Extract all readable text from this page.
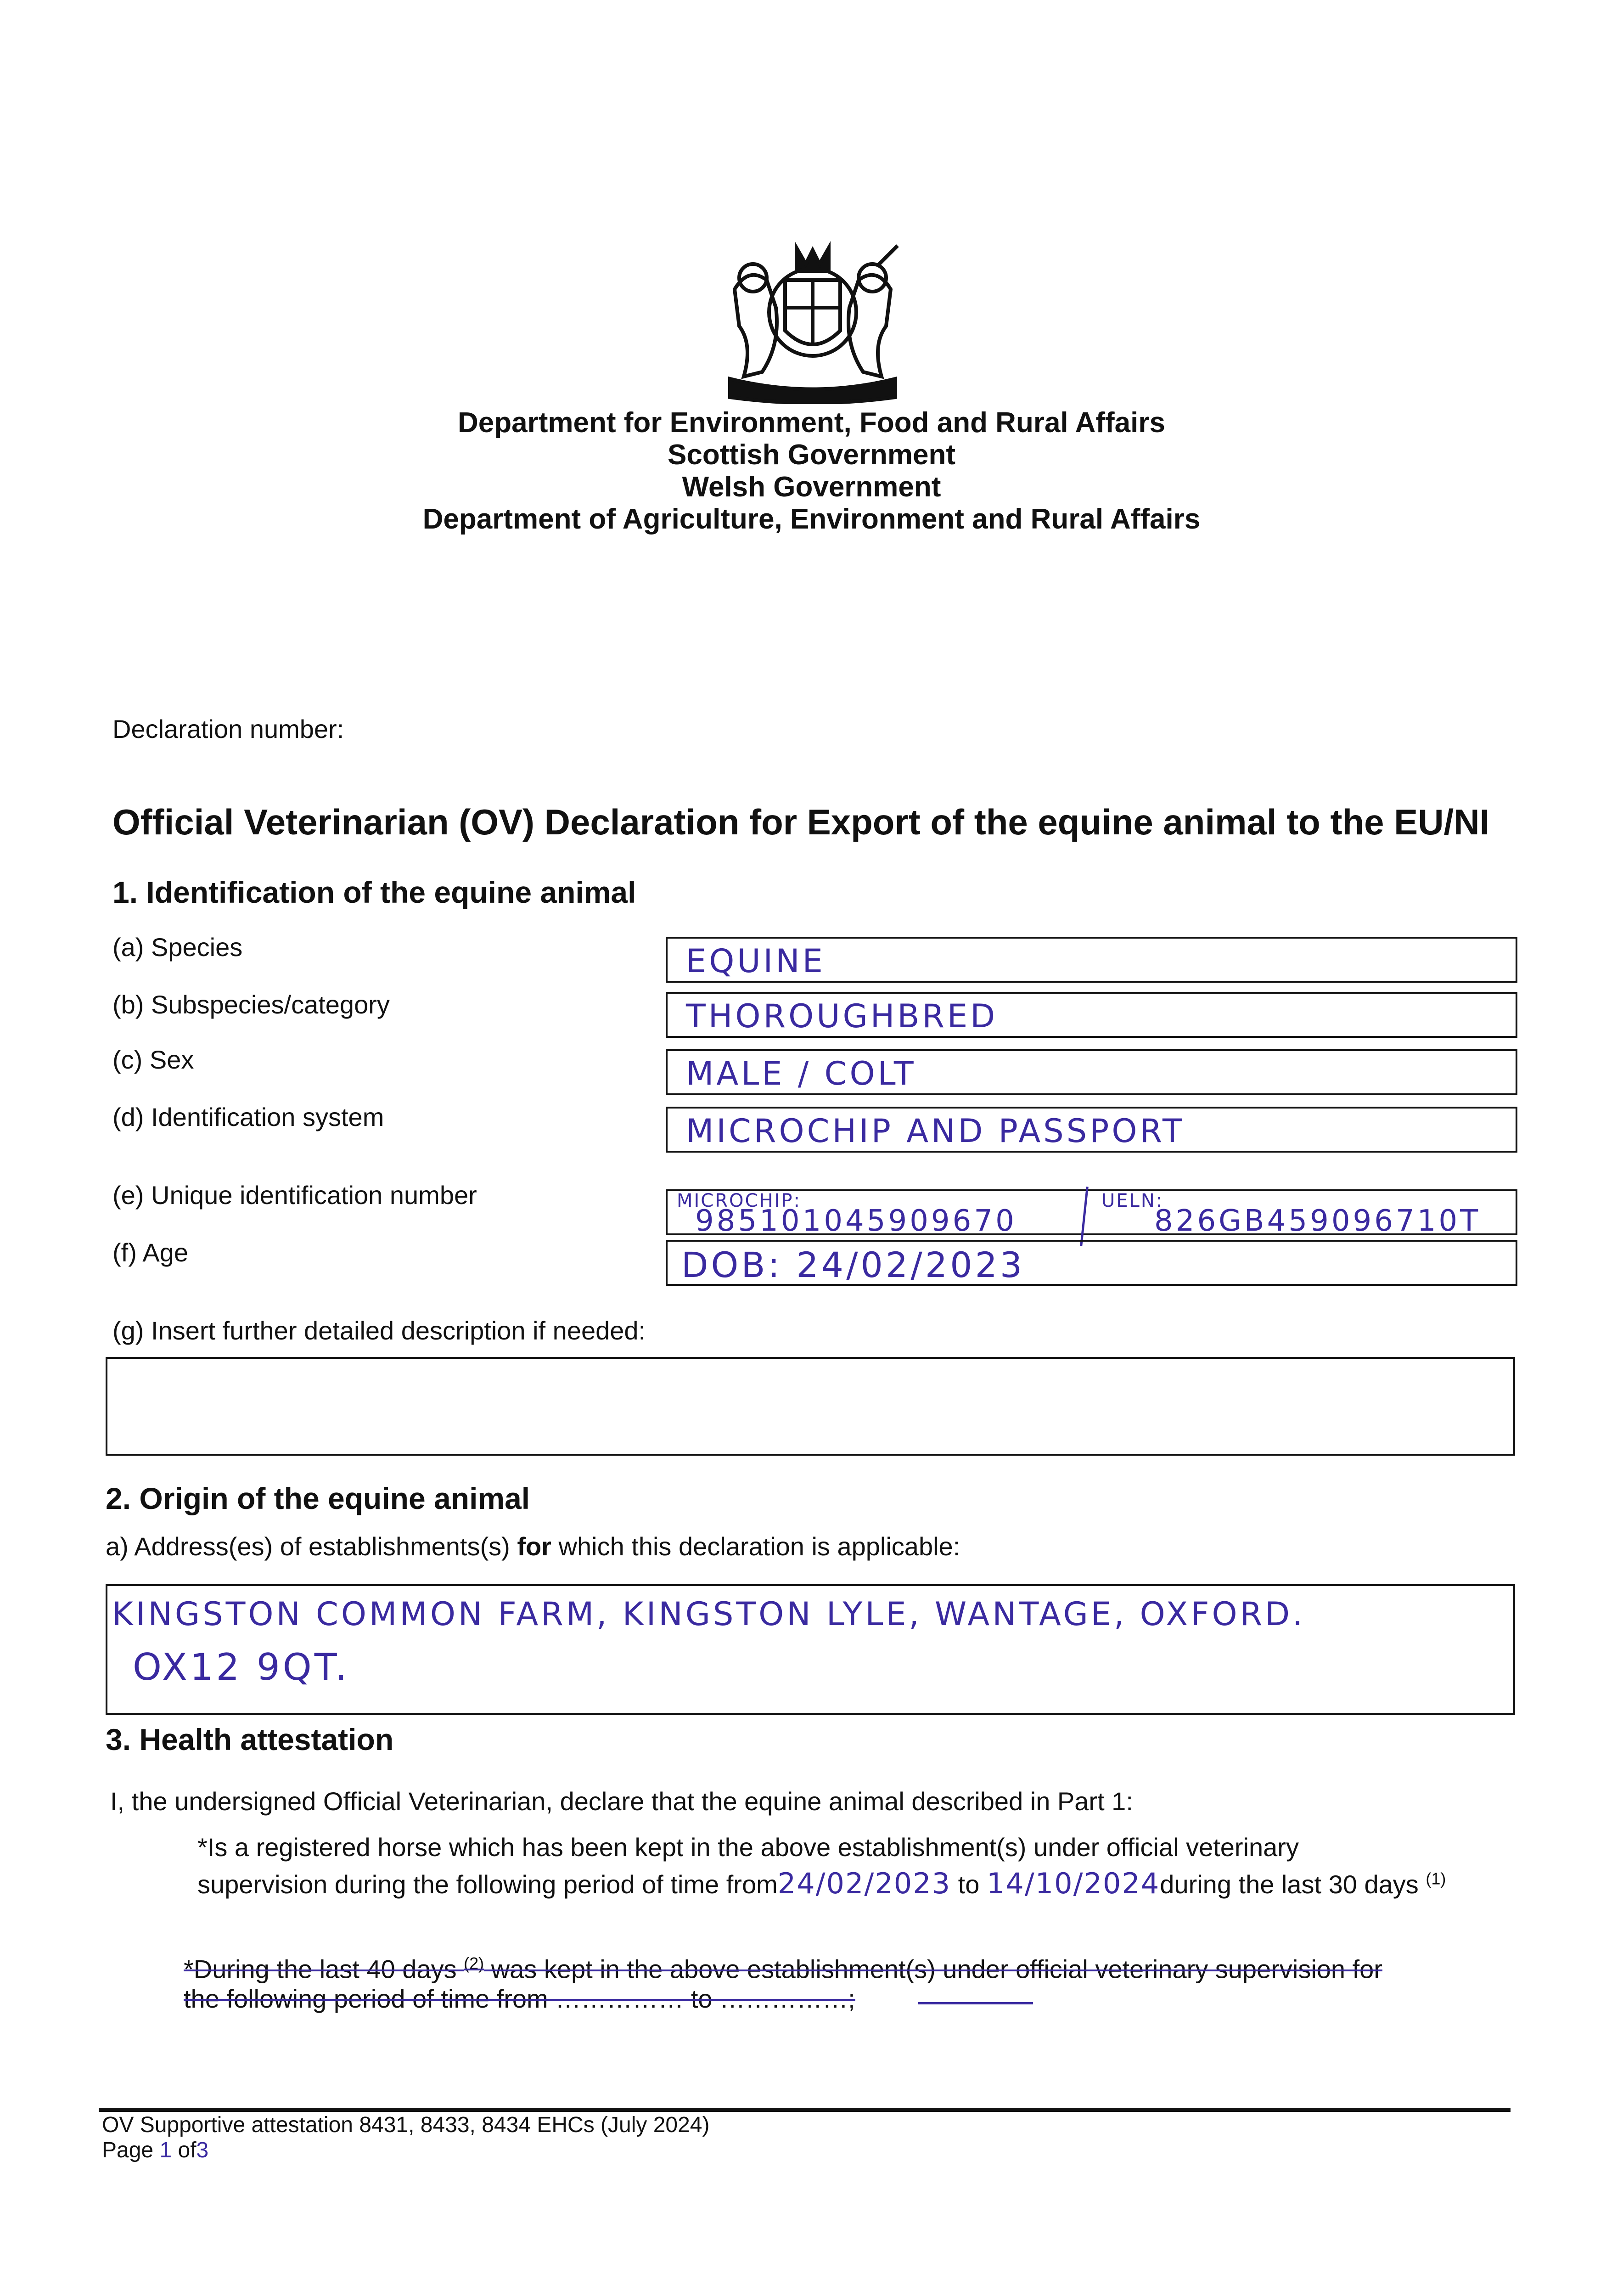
Department for Environment, Food and Rural Affairs
Scottish Government
Welsh Government
Department of Agriculture, Environment and Rural Affairs
Declaration number:
Official Veterinarian (OV) Declaration for Export of the equine animal to the EU/NI
1. Identification of the equine animal
(a) Species	EQUINE
(b) Subspecies/category	THOROUGHBRED
(c) Sex	MALE / COLT
(d) Identification system	MICROCHIP AND PASSPORT
(e) Unique identification number	MICROCHIP:
985101045909670
UELN:
826GB459096710T
(f) Age	DOB: 24/02/2023
(g) Insert further detailed description if needed:
2. Origin of the equine animal
a) Address(es) of establishments(s) for which this declaration is applicable:
KINGSTON COMMON FARM, KINGSTON LYLE, WANTAGE, OXFORD.
OX12 9QT.
3. Health attestation
I, the undersigned Official Veterinarian, declare that the equine animal described in Part 1:
*Is a registered horse which has been kept in the above establishment(s) under official veterinary
supervision during the following period of time from24/02/2023 to 14/10/2024during the last 30 days $^{(1)}$
*During the last 40 days $^{(2)}$ was kept in the above establishment(s) under official veterinary supervision for
the following period of time from …………… to ……………;
OV Supportive attestation 8431, 8433, 8434 EHCs (July 2024)
Page 1 of3
